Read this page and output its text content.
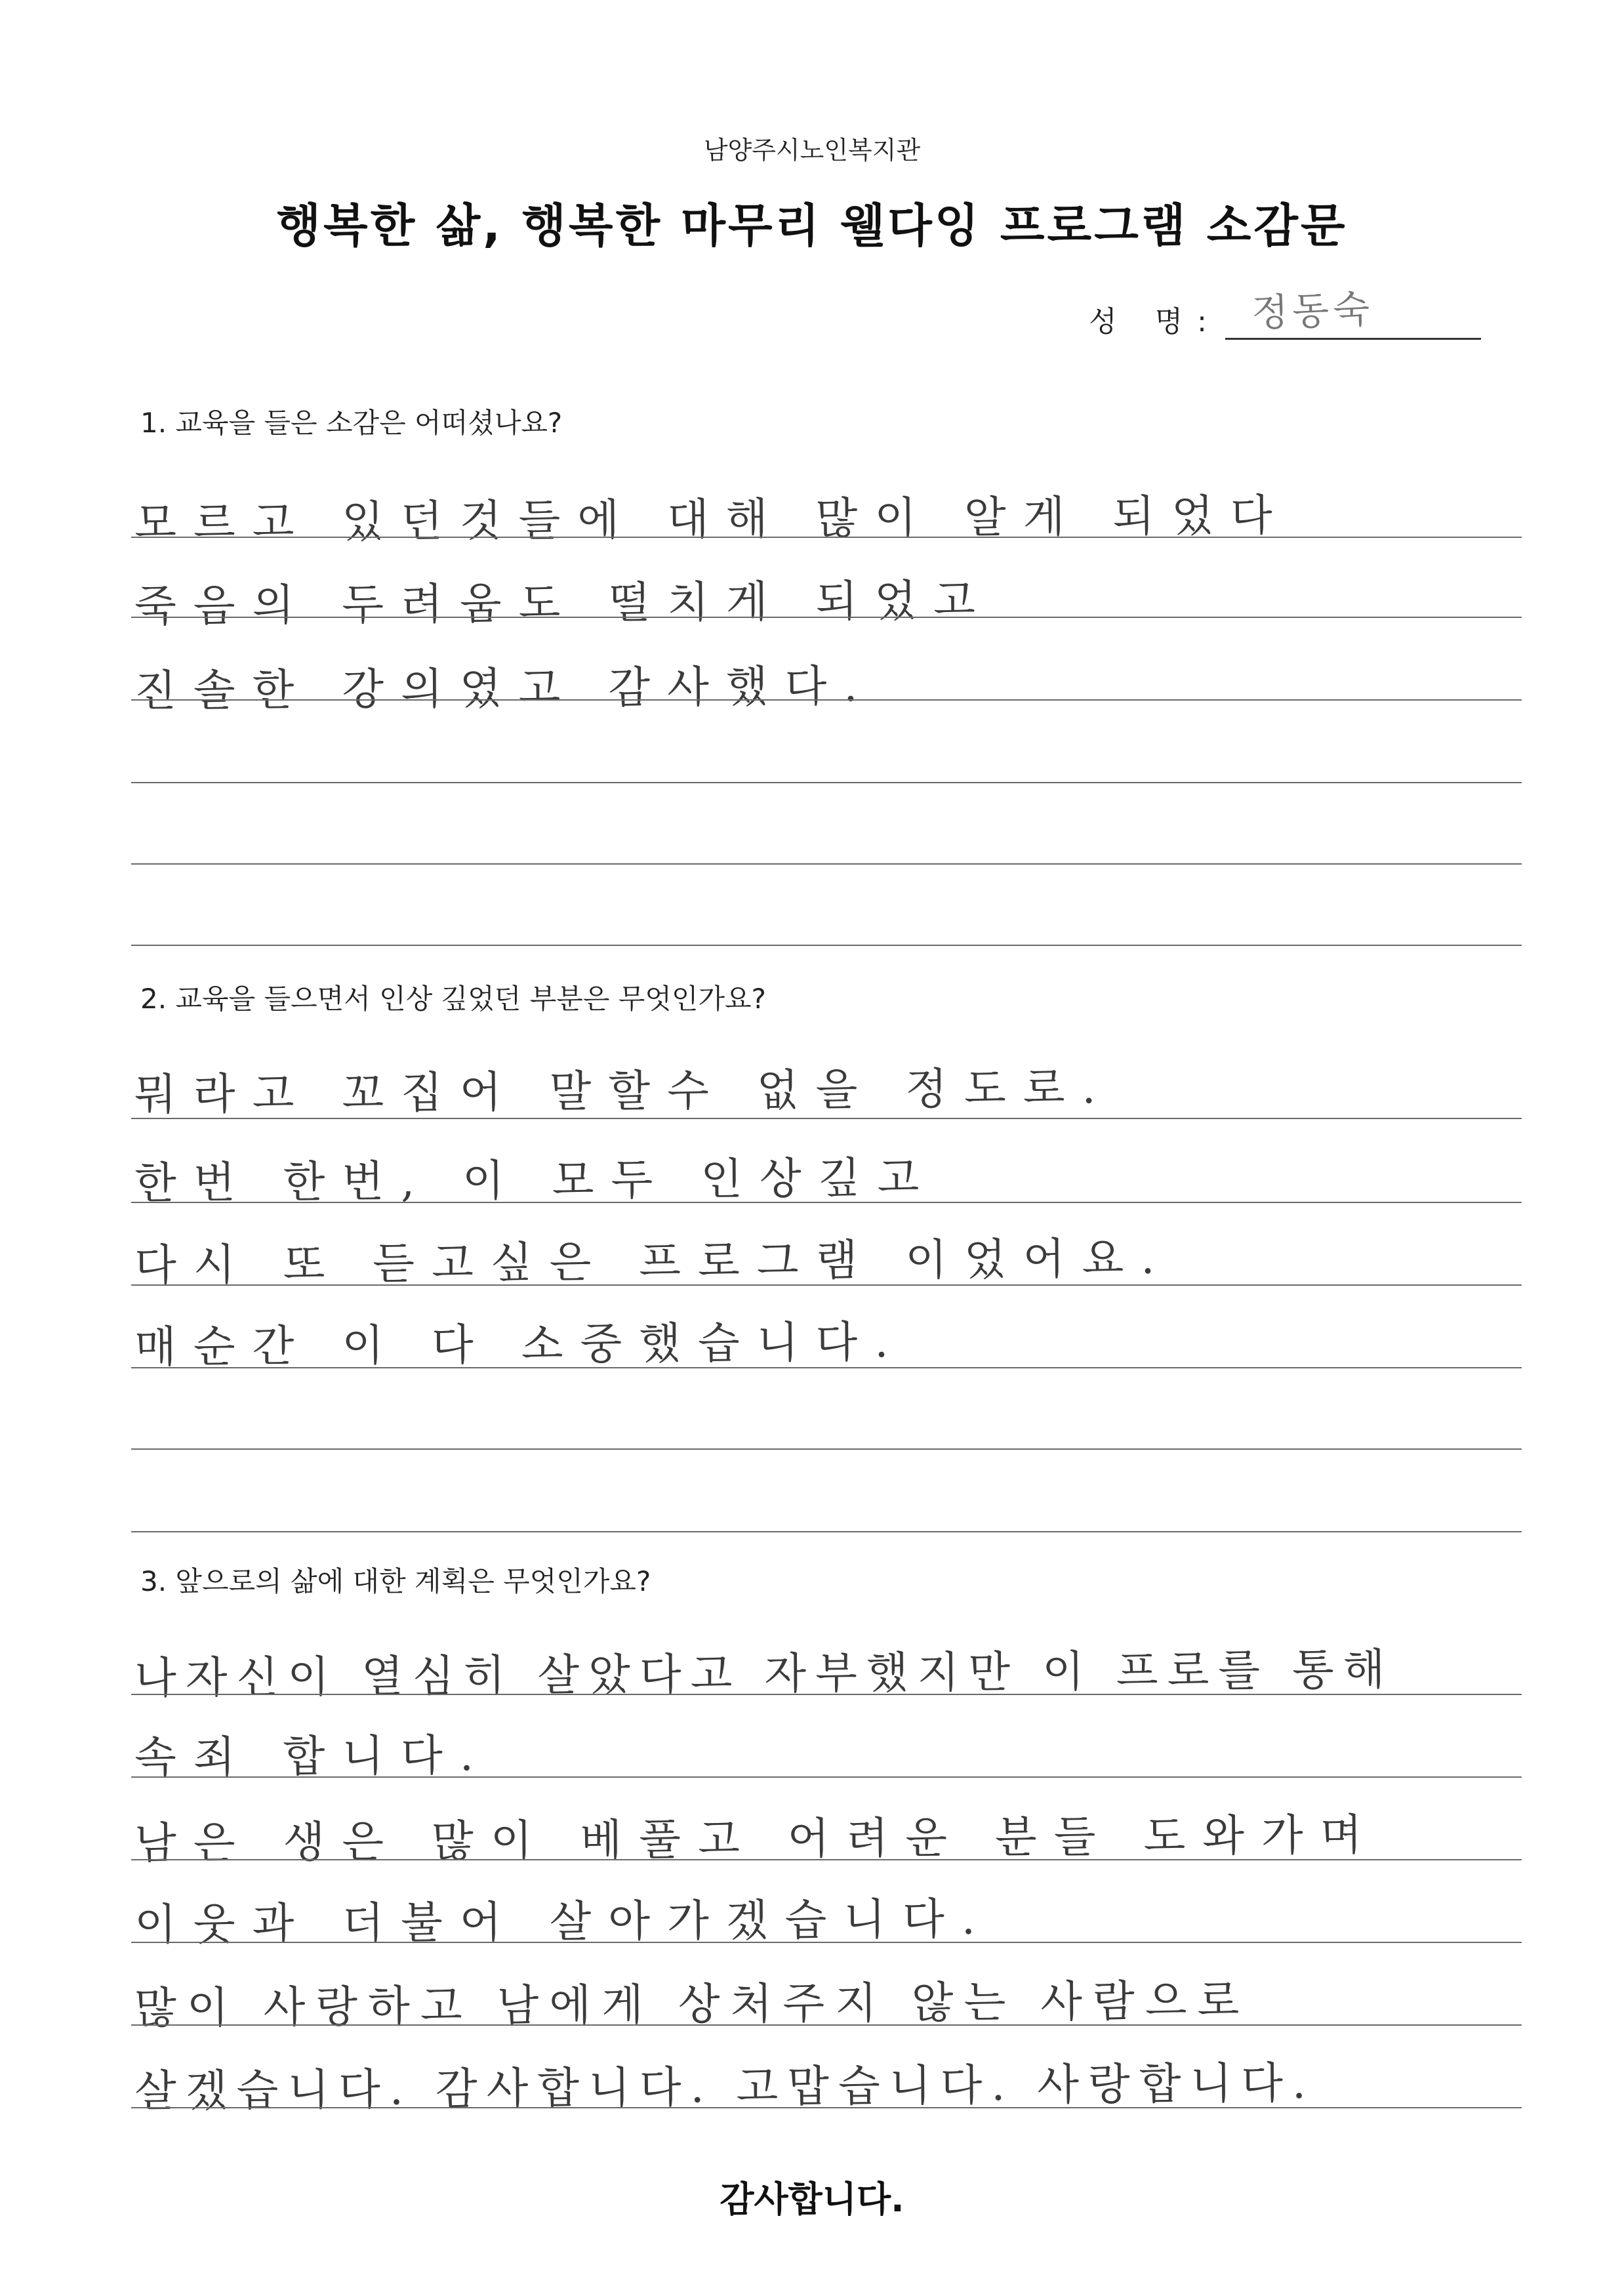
남양주시노인복지관
행복한 삶, 행복한 마무리 웰다잉 프로그램 소감문
성 명: 정동숙
1. 교육을 들은 소감은 어떠셨나요?
모르고 있던것들에 대해 많이 알게 되었다
죽음의 두려움도 떨치게 되었고
진솔한 강의였고 감사했다.
2. 교육을 들으면서 인상 깊었던 부분은 무엇인가요?
뭐라고 꼬집어 말할수 없을 정도로.
한번 한번, 이 모두 인상깊고
다시 또 듣고싶은 프로그램 이었어요.
매순간 이 다 소중했습니다.
3. 앞으로의 삶에 대한 계획은 무엇인가요?
나자신이 열심히 살았다고 자부했지만 이 프로를 통해
속죄 합니다.
남은 생은 많이 베풀고 어려운 분들 도와가며
이웃과 더불어 살아가겠습니다.
많이 사랑하고 남에게 상처주지 않는 사람으로
살겠습니다. 감사합니다. 고맙습니다. 사랑합니다.
감사합니다.
